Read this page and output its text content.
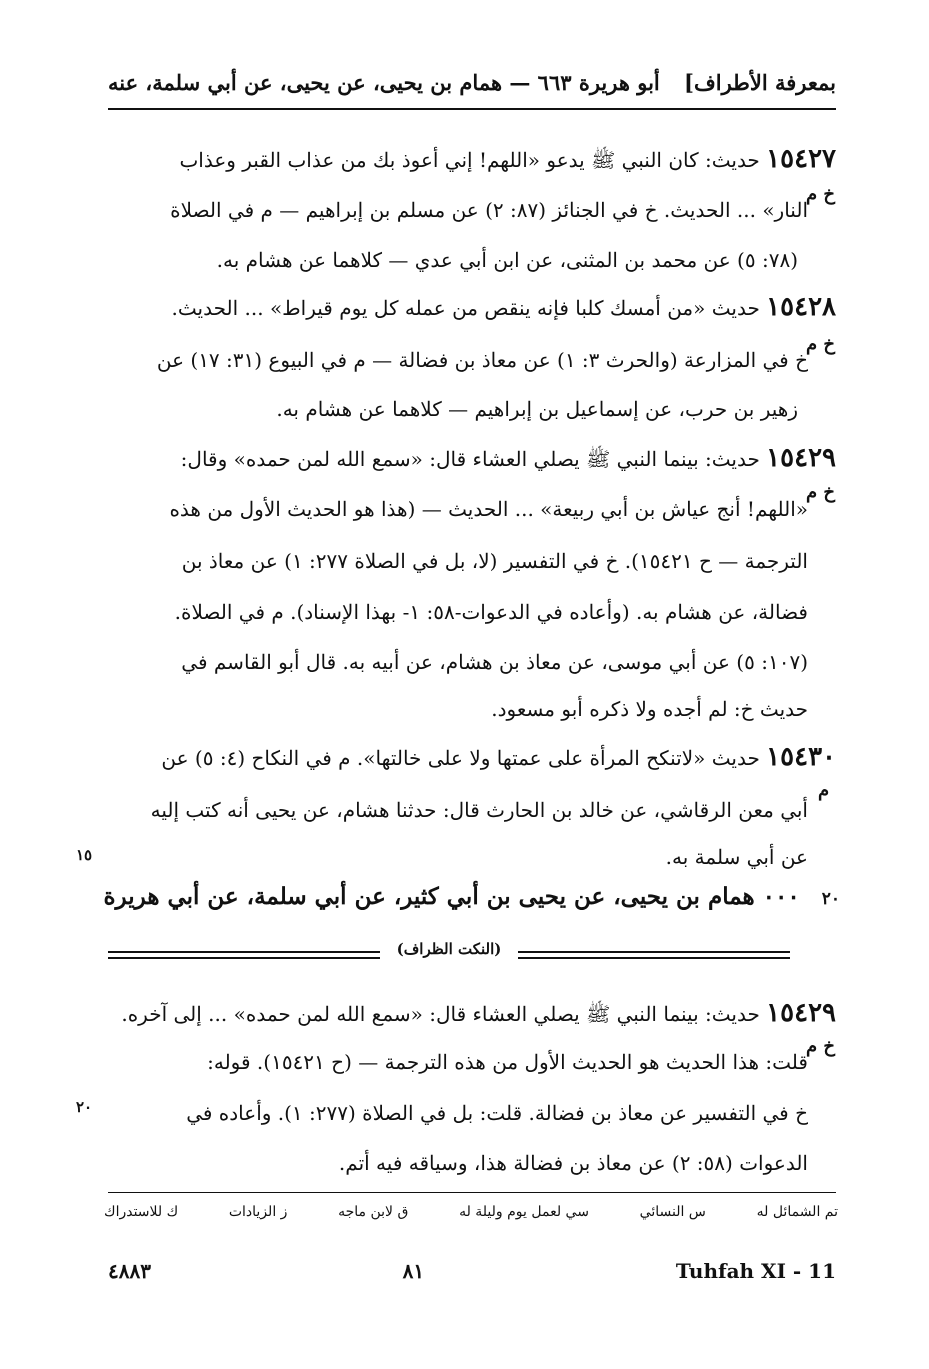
بمعرفة الأطراف]
أبو هريرة ٦٦٣ — همام بن يحيى، عن يحيى، عن أبي سلمة، عنه
١٥٤٢٧ حديث: كان النبي ﷺ يدعو «اللهم! إني أعوذ بك من عذاب القبر وعذاب
النار» ... الحديث. خ في الجنائز (٨٧: ٢) عن مسلم بن إبراهيم — م في الصلاة
(٧٨: ٥) عن محمد بن المثنى، عن ابن أبي عدي — كلاهما عن هشام به.
١٥٤٢٨ حديث «من أمسك كلبا فإنه ينقص من عمله كل يوم قيراط» ... الحديث.
خ في المزارعة (والحرث ٣: ١) عن معاذ بن فضالة — م في البيوع (٣١: ١٧) عن
زهير بن حرب، عن إسماعيل بن إبراهيم — كلاهما عن هشام به.
١٥٤٢٩ حديث: بينما النبي ﷺ يصلي العشاء قال: «سمع الله لمن حمده» وقال:
«اللهم! أنج عياش بن أبي ربيعة» ... الحديث — (هذا هو الحديث الأول من هذه
الترجمة — ح ١٥٤٢١). خ في التفسير (لا، بل في الصلاة ٢٧٧: ١) عن معاذ بن
فضالة، عن هشام به. (وأعاده في الدعوات-٥٨: ١- بهذا الإسناد). م في الصلاة.
(١٠٧: ٥) عن أبي موسى، عن معاذ بن هشام، عن أبيه به. قال أبو القاسم في
حديث خ: لم أجده ولا ذكره أبو مسعود.
١٥٤٣٠ حديث «لاتنكح المرأة على عمتها ولا على خالتها». م في النكاح (٤: ٥) عن
أبي معن الرقاشي، عن خالد بن الحارث قال: حدثنا هشام، عن يحيى أنه كتب إليه
عن أبي سلمة به.
خ م
خ م
خ م
م
خ م
١٥
٢٠
٢٠ ٠٠٠ همام بن يحيى، عن يحيى بن أبي كثير، عن أبي سلمة، عن أبي هريرة
(النكت الظراف)
١٥٤٢٩ حديث: بينما النبي ﷺ يصلي العشاء قال: «سمع الله لمن حمده» ... إلى آخره.
قلت: هذا الحديث هو الحديث الأول من هذه الترجمة — (ح ١٥٤٢١). قوله:
خ في التفسير عن معاذ بن فضالة. قلت: بل في الصلاة (٢٧٧: ١). وأعاده في
الدعوات (٥٨: ٢) عن معاذ بن فضالة هذا، وسياقه فيه أتم.
تم الشمائل له
س النسائي
سي لعمل يوم وليلة له
ق لابن ماجه
ز الزيادات
ك للاستدراك
٤٨٨٣	٨١	Tuhfah XI - 11
